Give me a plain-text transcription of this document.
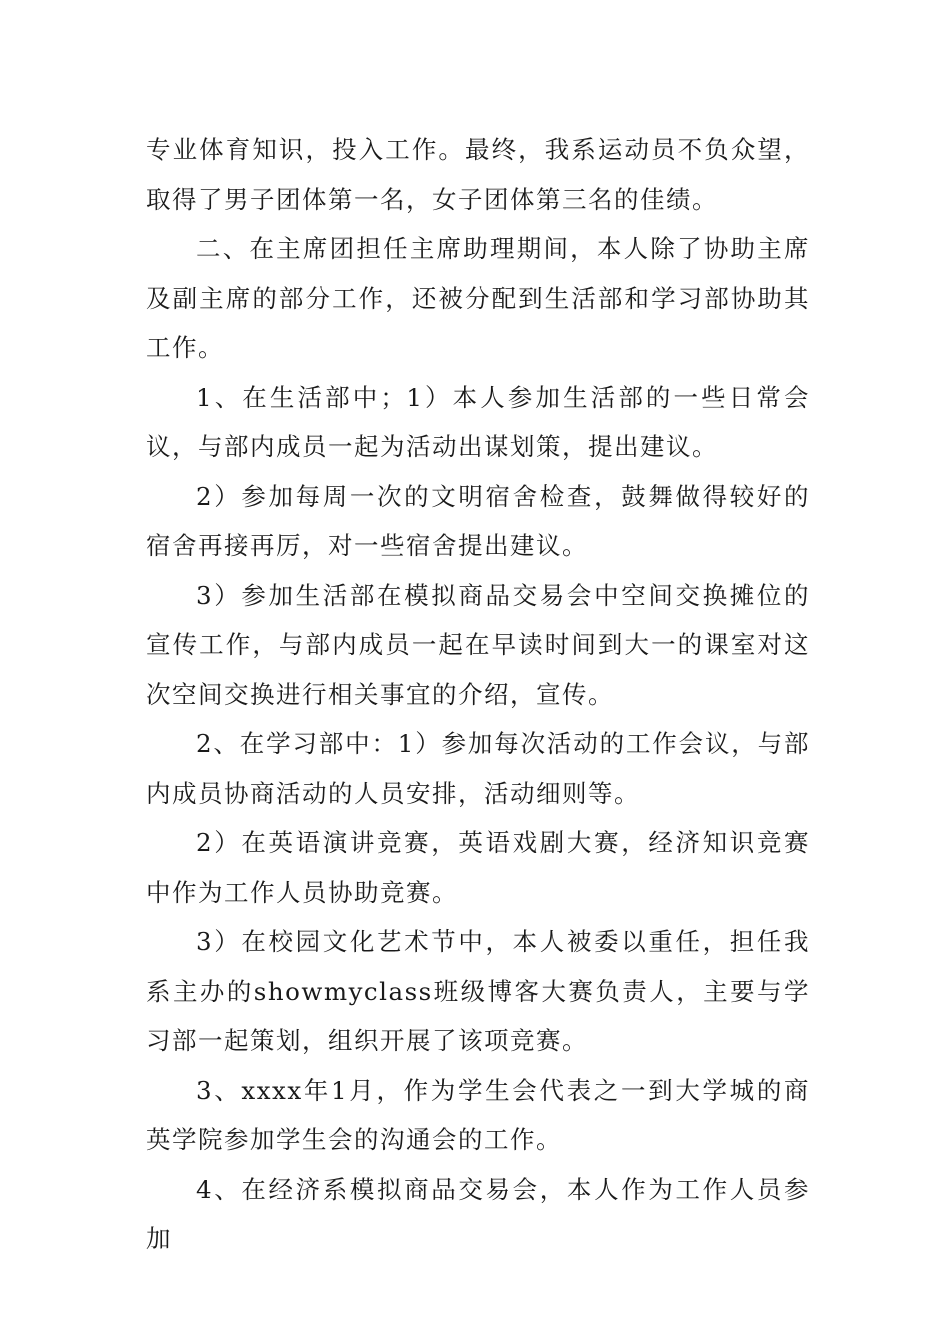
专业体育知识，投入工作。最终，我系运动员不负众望，取得了男子团体第一名，女子团体第三名的佳绩。

二、在主席团担任主席助理期间，本人除了协助主席及副主席的部分工作，还被分配到生活部和学习部协助其工作。

1、在生活部中；1）本人参加生活部的一些日常会议，与部内成员一起为活动出谋划策，提出建议。

2）参加每周一次的文明宿舍检查，鼓舞做得较好的宿舍再接再厉，对一些宿舍提出建议。

3）参加生活部在模拟商品交易会中空间交换摊位的宣传工作，与部内成员一起在早读时间到大一的课室对这次空间交换进行相关事宜的介绍，宣传。

2、在学习部中：1）参加每次活动的工作会议，与部内成员协商活动的人员安排，活动细则等。

2）在英语演讲竞赛，英语戏剧大赛，经济知识竞赛中作为工作人员协助竞赛。

3）在校园文化艺术节中，本人被委以重任，担任我系主办的showmyclass班级博客大赛负责人，主要与学习部一起策划，组织开展了该项竞赛。

3、xxxx年1月，作为学生会代表之一到大学城的商英学院参加学生会的沟通会的工作。

4、在经济系模拟商品交易会，本人作为工作人员参加
